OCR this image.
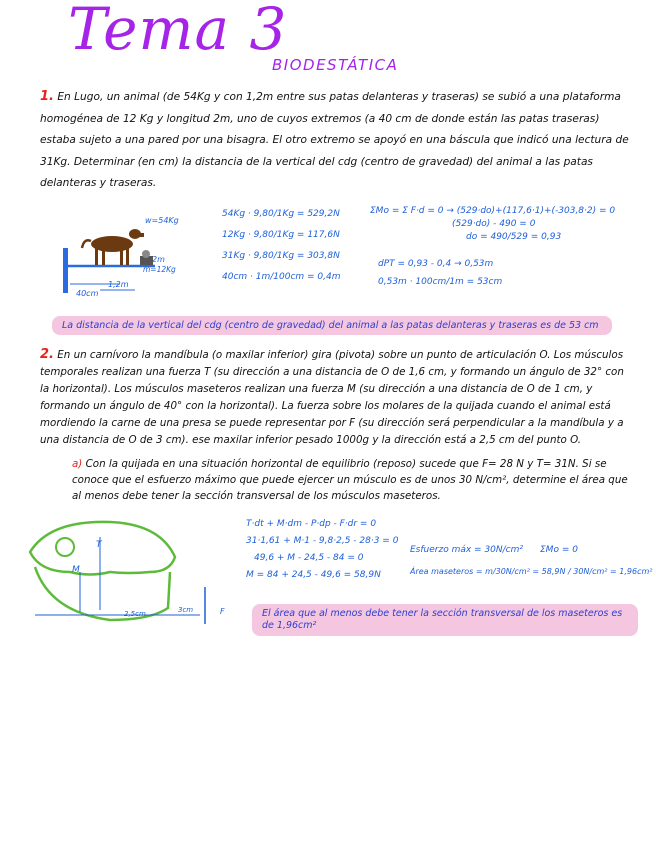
Tema 3
BIODESTÁTICA
1. En Lugo, un animal (de 54Kg y con 1,2m entre sus patas delanteras y traseras) se subió a una plataforma homogénea de 12 Kg y longitud 2m, uno de cuyos extremos (a 40 cm de donde están las patas traseras) estaba sujeto a una pared por una bisagra. El otro extremo se apoyó en una báscula que indicó una lectura de 31Kg. Determinar (en cm) la distancia de la vertical del cdg (centro de gravedad) del animal a las patas delanteras y traseras.
w=54Kg
2m
m=12Kg
40cm
1,2m
54Kg · 9,80/1Kg = 529,2N
12Kg · 9,80/1Kg = 117,6N
31Kg · 9,80/1Kg = 303,8N
40cm · 1m/100cm = 0,4m
ΣMo = Σ F·d = 0 → (529·do)+(117,6·1)+(-303,8·2) = 0
(529·do) - 490 = 0
do = 490/529 = 0,93
dPT = 0,93 - 0,4 → 0,53m
0,53m · 100cm/1m = 53cm
La distancia de la vertical del cdg (centro de gravedad) del animal a las patas delanteras y traseras es de 53 cm
2. En un carnívoro la mandíbula (o maxilar inferior) gira (pivota) sobre un punto de articulación O. Los músculos temporales realizan una fuerza T (su dirección a una distancia de O de 1,6 cm, y formando un ángulo de 32° con la horizontal). Los músculos maseteros realizan una fuerza M (su dirección a una distancia de O de 1 cm, y formando un ángulo de 40° con la horizontal). La fuerza sobre los molares de la quijada cuando el animal está mordiendo la carne de una presa se puede representar por F (su dirección será perpendicular a la mandíbula y a una distancia de O de 3 cm). ese maxilar inferior pesado 1000g y la dirección está a 2,5 cm del punto O.
a) Con la quijada en una situación horizontal de equilibrio (reposo) sucede que F= 28 N y T= 31N. Si se conoce que el esfuerzo máximo que puede ejercer un músculo es de unos 30 N/cm², determine el área que al menos debe tener la sección transversal de los músculos maseteros.
T
M
2,5cm	3cm	F
T·dt + M·dm - P·dp - F·dr = 0
31·1,61 + M·1 - 9,8·2,5 - 28·3 = 0
49,6 + M - 24,5 - 84 = 0
M = 84 + 24,5 - 49,6 = 58,9N
Esfuerzo máx = 30N/cm²	ΣMo = 0
Área maseteros = m/30N/cm² = 58,9N / 30N/cm² = 1,96cm²
El área que al menos debe tener la sección transversal de los maseteros es de 1,96cm²
